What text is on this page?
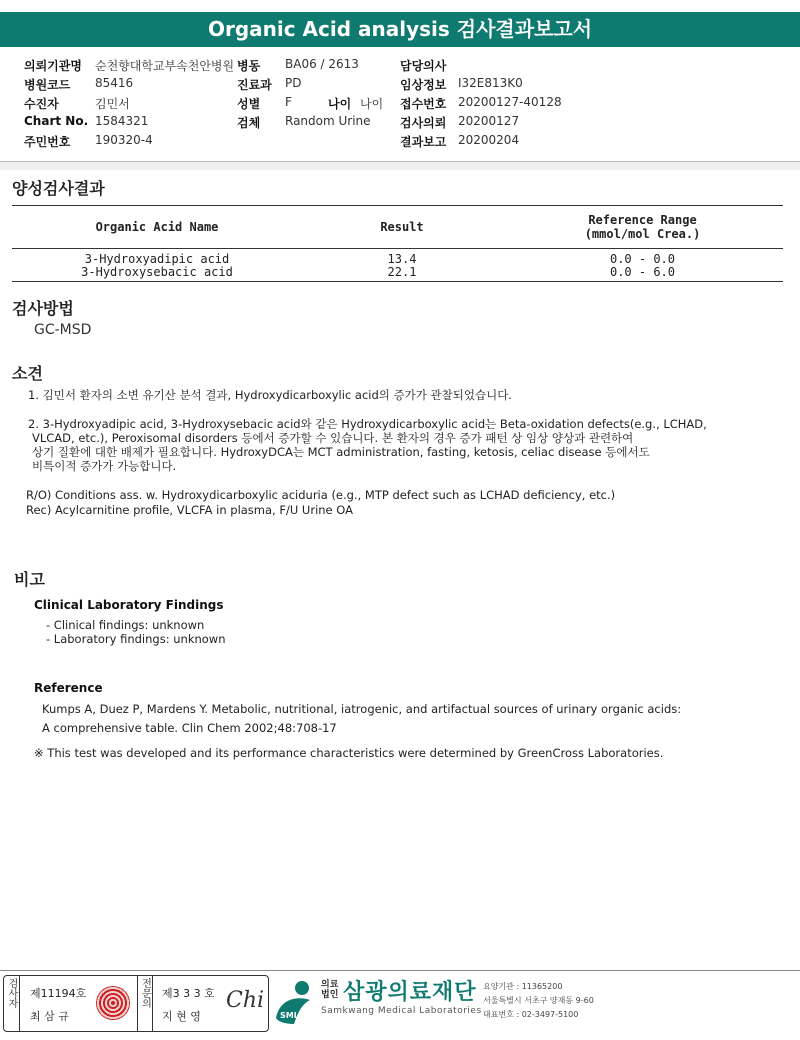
Organic Acid analysis 검사결과보고서
의뢰기관명 순천향대학교부속천안병원 병동 BA06 / 2613	담당의사
병원코드 85416	진료과 PD	임상정보 I32E813K0
수진자	김민서	성별 F	나이 나이 접수번호 20200127-40128
Chart No. 1584321	검체 Random Urine 검사의뢰 20200127
주민번호 190320-4	결과보고 20200204
양성검사결과
Organic Acid Name	Result	Reference Range
(mmol/mol Crea.)
3-Hydroxyadipic acid	13.4	0.0 - 0.0
3-Hydroxysebacic acid	22.1	0.0 - 6.0
검사방법
GC-MSD
소견
1. 김민서 환자의 소변 유기산 분석 결과, Hydroxydicarboxylic acid의 증가가 관찰되었습니다.
2. 3-Hydroxyadipic acid, 3-Hydroxysebacic acid와 같은 Hydroxydicarboxylic acid는 Beta-oxidation defects(e.g., LCHAD,
VLCAD, etc.), Peroxisomal disorders 등에서 증가할 수 있습니다. 본 환자의 경우 증가 패턴 상 임상 양상과 관련하여
상기 질환에 대한 배제가 필요합니다. HydroxyDCA는 MCT administration, fasting, ketosis, celiac disease 등에서도
비특이적 증가가 가능합니다.
R/O) Conditions ass. w. Hydroxydicarboxylic aciduria (e.g., MTP defect such as LCHAD deficiency, etc.)
Rec) Acylcarnitine profile, VLCFA in plasma, F/U Urine OA
비고
Clinical Laboratory Findings
- Clinical findings: unknown
- Laboratory findings: unknown
Reference
Kumps A, Duez P, Mardens Y. Metabolic, nutritional, iatrogenic, and artifactual sources of urinary organic acids:
A comprehensive table. Clin Chem 2002;48:708-17
※ This test was developed and its performance characteristics were determined by GreenCross Laboratories.
검사자 제11194호
최 삼 규
전문의 제3 3 3 호
지 현 영
Chi
SML
의료법인 삼광의료재단
Samkwang Medical Laboratories
요양기관 : 11365200
서울특별시 서초구 양재동 9-60
대표번호 : 02-3497-5100
